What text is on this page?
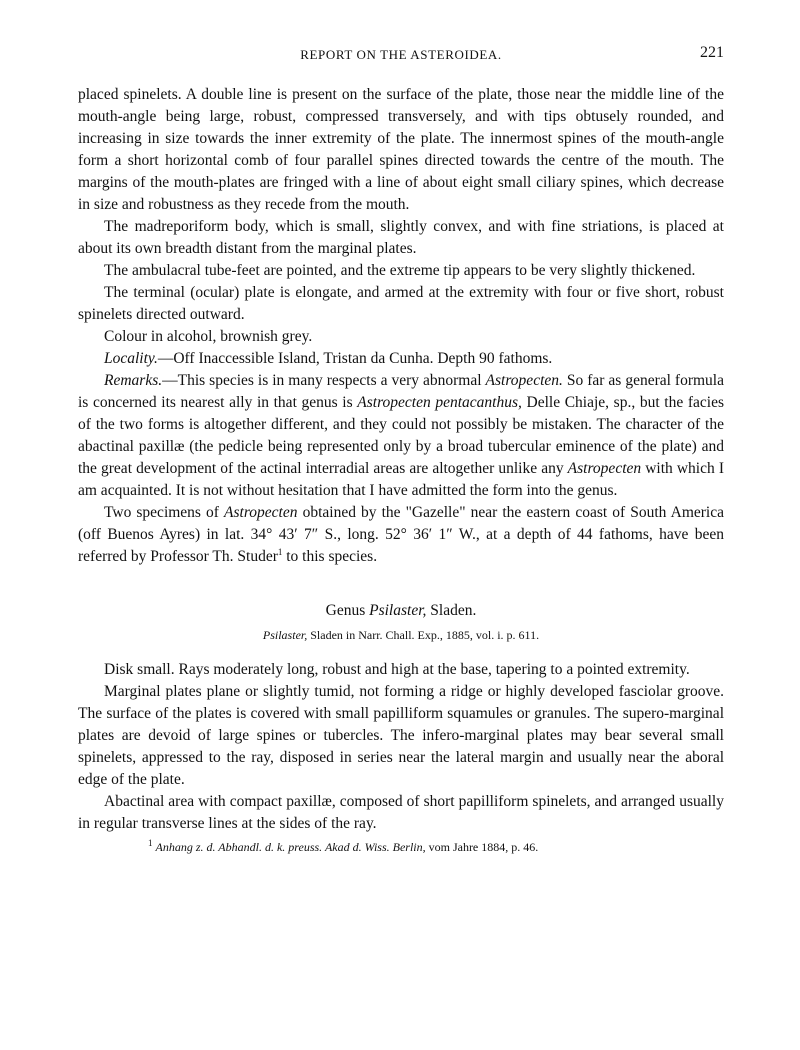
REPORT ON THE ASTEROIDEA.	221

placed spinelets. A double line is present on the surface of the plate, those near the middle line of the mouth-angle being large, robust, compressed transversely, and with tips obtusely rounded, and increasing in size towards the inner extremity of the plate. The innermost spines of the mouth-angle form a short horizontal comb of four parallel spines directed towards the centre of the mouth. The margins of the mouth-plates are fringed with a line of about eight small ciliary spines, which decrease in size and robustness as they recede from the mouth.

The madreporiform body, which is small, slightly convex, and with fine striations, is placed at about its own breadth distant from the marginal plates.

The ambulacral tube-feet are pointed, and the extreme tip appears to be very slightly thickened.

The terminal (ocular) plate is elongate, and armed at the extremity with four or five short, robust spinelets directed outward.

Colour in alcohol, brownish grey.

Locality.—Off Inaccessible Island, Tristan da Cunha. Depth 90 fathoms.

Remarks.—This species is in many respects a very abnormal Astropecten. So far as general formula is concerned its nearest ally in that genus is Astropecten pentacanthus, Delle Chiaje, sp., but the facies of the two forms is altogether different, and they could not possibly be mistaken. The character of the abactinal paxillæ (the pedicle being represented only by a broad tubercular eminence of the plate) and the great development of the actinal interradial areas are altogether unlike any Astropecten with which I am acquainted. It is not without hesitation that I have admitted the form into the genus.

Two specimens of Astropecten obtained by the "Gazelle" near the eastern coast of South America (off Buenos Ayres) in lat. 34° 43′ 7″ S., long. 52° 36′ 1″ W., at a depth of 44 fathoms, have been referred by Professor Th. Studer$^1$ to this species.

Genus Psilaster, Sladen.
Psilaster, Sladen in Narr. Chall. Exp., 1885, vol. i. p. 611.

Disk small. Rays moderately long, robust and high at the base, tapering to a pointed extremity.

Marginal plates plane or slightly tumid, not forming a ridge or highly developed fasciolar groove. The surface of the plates is covered with small papilliform squamules or granules. The supero-marginal plates are devoid of large spines or tubercles. The infero-marginal plates may bear several small spinelets, appressed to the ray, disposed in series near the lateral margin and usually near the aboral edge of the plate.

Abactinal area with compact paxillæ, composed of short papilliform spinelets, and arranged usually in regular transverse lines at the sides of the ray.

$^1$ Anhang z. d. Abhandl. d. k. preuss. Akad d. Wiss. Berlin, vom Jahre 1884, p. 46.
